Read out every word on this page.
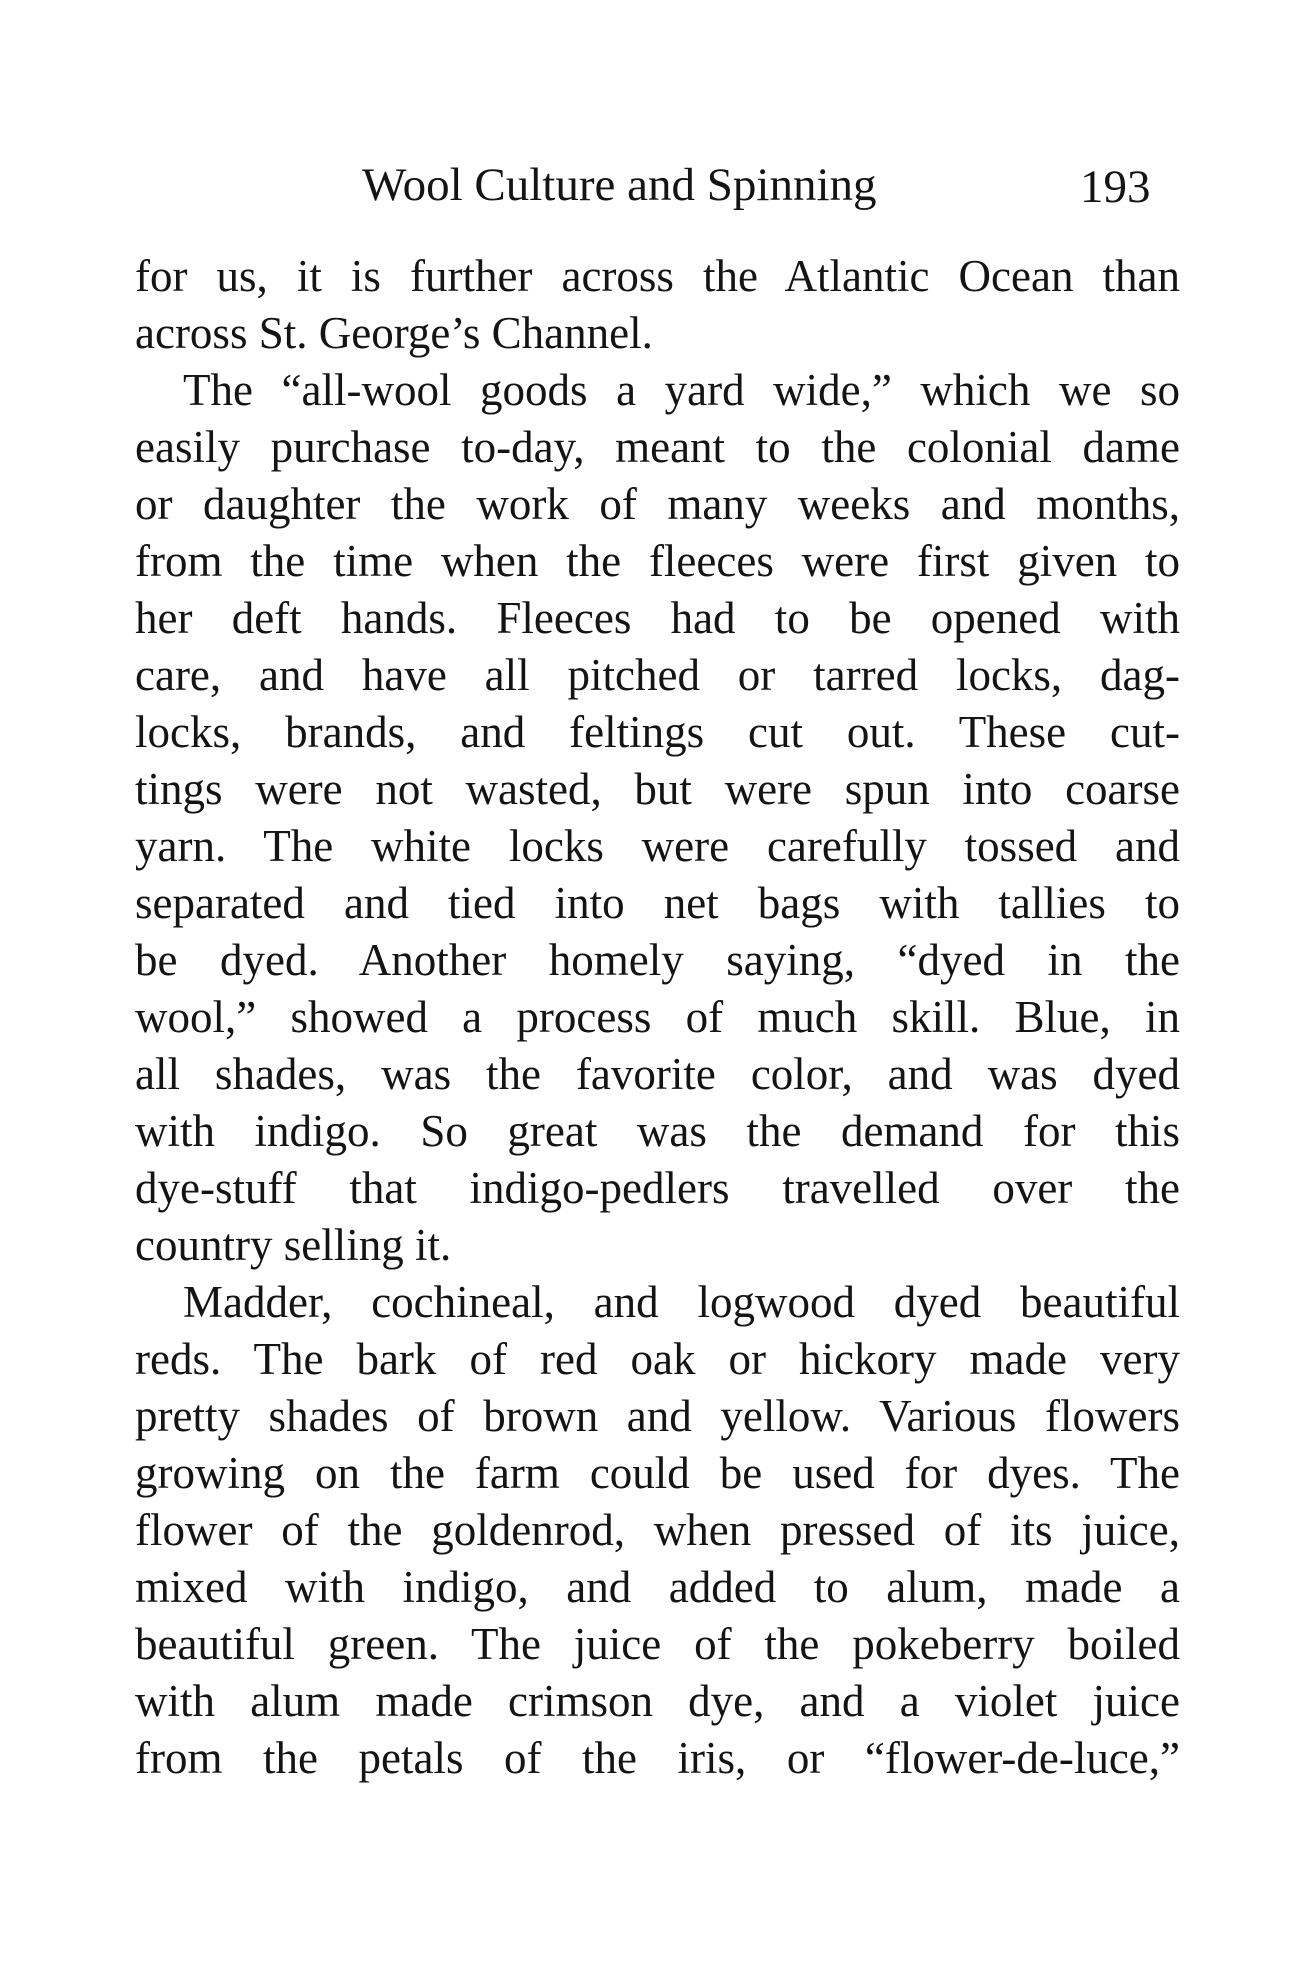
Wool Culture and Spinning	193
for us, it is further across the Atlantic Ocean than
across St. George’s Channel.
The “all-wool goods a yard wide,” which we so
easily purchase to-day, meant to the colonial dame
or daughter the work of many weeks and months,
from the time when the fleeces were first given to
her deft hands. Fleeces had to be opened with
care, and have all pitched or tarred locks, dag-
locks, brands, and feltings cut out. These cut-
tings were not wasted, but were spun into coarse
yarn. The white locks were carefully tossed and
separated and tied into net bags with tallies to
be dyed. Another homely saying, “dyed in the
wool,” showed a process of much skill. Blue, in
all shades, was the favorite color, and was dyed
with indigo. So great was the demand for this
dye-stuff that indigo-pedlers travelled over the
country selling it.
Madder, cochineal, and logwood dyed beautiful
reds. The bark of red oak or hickory made very
pretty shades of brown and yellow. Various flowers
growing on the farm could be used for dyes. The
flower of the goldenrod, when pressed of its juice,
mixed with indigo, and added to alum, made a
beautiful green. The juice of the pokeberry boiled
with alum made crimson dye, and a violet juice
from the petals of the iris, or “flower-de-luce,”
